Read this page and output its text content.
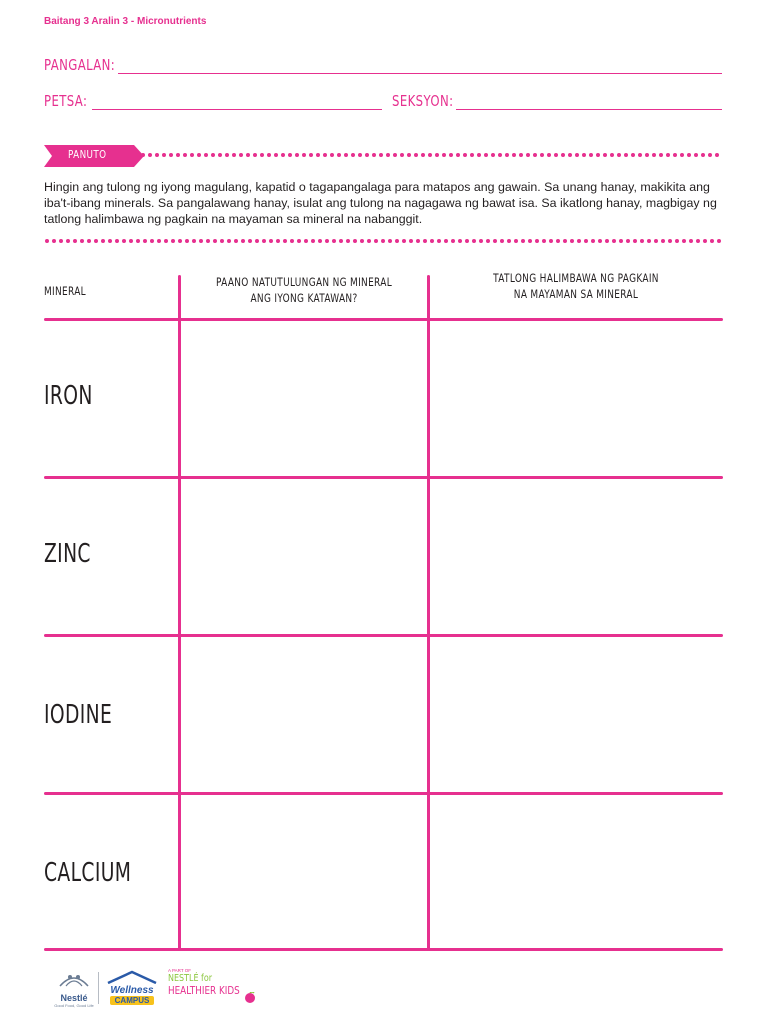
Baitang 3 Aralin 3 - Micronutrients
PANGALAN:
PETSA:	SEKSYON:
PANUTO
Hingin ang tulong ng iyong magulang, kapatid o tagapangalaga para matapos ang gawain. Sa unang hanay, makikita ang iba't-ibang minerals. Sa pangalawang hanay, isulat ang tulong na nagagawa ng bawat isa. Sa ikatlong hanay, magbigay ng tatlong halimbawa ng pagkain na mayaman sa mineral na nabanggit.
MINERAL
PAANO NATUTULUNGAN NG MINERAL
ANG IYONG KATAWAN?
TATLONG HALIMBAWA NG PAGKAIN
NA MAYAMAN SA MINERAL
IRON
ZINC
IODINE
CALCIUM
Nestlé
Good Food, Good Life
Wellness
CAMPUS
A PART OF
NESTLÉ for
HEALTHIER KIDS
